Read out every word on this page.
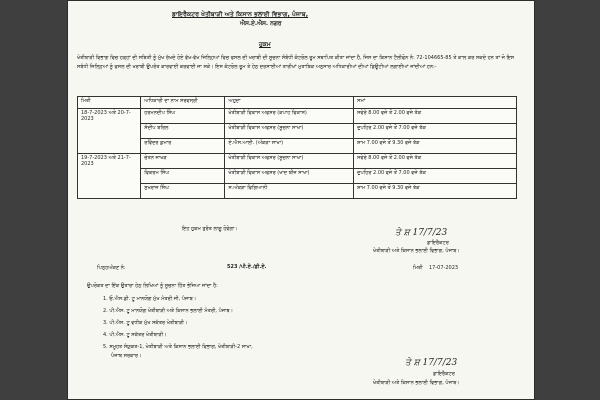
ਡਾਇਰੈਕਟਰ ਖੇਤੀਬਾੜੀ ਅਤੇ ਕਿਸਾਨ ਭਲਾਈ ਵਿਭਾਗ, ਪੰਜਾਬ,
ਐਸ.ਏ.ਐਸ. ਨਗਰ
ਹੁਕਮ
ਖੇਤੀਬਾੜੀ ਵਿਭਾਗ ਵਿਚ ਹੜ੍ਹਾਂ ਦੀ ਸਥਿਤੀ ਨੂੰ ਮੁੱਖ ਰੱਖਦੇ ਹੋਏ ਵੱਖ-ਵੱਖ ਜਿਲ੍ਹਿਆਂ ਵਿਚ ਫਸਲ ਦੀ ਖਰਾਬੀ ਦੀ ਸੂਚਨਾ ਸੰਬੰਧੀ ਕੰਟਰੋਲ ਰੂਮ ਸਥਾਪਿਤ ਕੀਤਾ ਜਾਂਦਾ ਹੈ, ਜਿਸ ਦਾ ਕਿਸਾਨ ਟੈਲੀਫੋਨ ਨੰ: 72-104665-85 ਤੇ ਕਾਲ ਕਰ ਸਕਦੇ ਹਨ ਤਾਂ ਜੋ ਇਸ ਸਬੰਧੀ ਜਿਲ੍ਹਿਆਂ ਨੂੰ ਫਸਲ ਦੀ ਖਰਾਬੀ ਉਪਰੰਤ ਕਾਰਵਾਈ ਕਰਵਾਈ ਜਾ ਸਕੇ। ਇਸ ਕੰਟਰੋਲ ਰੂਮ ਤੇ ਹੇਠ ਦਰਸਾਈਆਂ ਤਾਰੀਖਾਂ ਮੁਤਾਬਿਕ ਅਨੁਸਾਰ ਅਧਿਕਾਰੀਆਂ ਦੀਆਂ ਡਿਊਟੀਆਂ ਲਗਾਈਆਂ ਜਾਂਦੀਆਂ ਹਨ:-
ਮਿਤੀ	ਅਧਿਕਾਰੀ ਦਾ ਨਾਮ ਸਰਵਸ੍ਰੀ	ਅਹੁਦਾ	ਸਮਾਂ
18-7-2023 ਅਤੇ 20-7-2023	ਹਰਮਨਦੀਪ ਸਿੰਘ	ਖੇਤੀਬਾੜੀ ਵਿਕਾਸ ਅਫਸਰ (ਕਪਾਹ ਵਿਕਾਸ)	ਸਵੇਰੇ 8.00 ਵਜੇ ਤੋਂ 2.00 ਵਜੇ ਤੱਕ
	ਸੰਦੀਪ ਬਰਿਲ	ਖੇਤੀਬਾੜੀ ਵਿਕਾਸ ਅਫਸਰ (ਸੂਚਨਾ ਸਾਖਾ)	ਦੁਪਹਿਰ 2.00 ਵਜੇ ਤੋਂ 7.00 ਵਜੇ ਤੱਕ
	ਰਵਿੰਦਰ ਕੁਮਾਰ	ਏ.ਐਸ.ਆਈ. (ਅੰਕੜਾ ਸਾਖਾ)	ਸ਼ਾਮ 7.00 ਵਜੇ ਤੋਂ 9.30 ਵਜੇ ਤੱਕ
19-7-2023 ਅਤੇ 21-7-2023	ਚੇਤਨ ਜਾਖੜ	ਖੇਤੀਬਾੜੀ ਵਿਕਾਸ ਅਫਸਰ (ਸੂਚਨਾ ਸਾਖਾ)	ਸਵੇਰੇ 8.00 ਵਜੇ ਤੋਂ 2.00 ਵਜੇ ਤੱਕ
	ਵਿਕਰਮ ਸਿੰਘ	ਖੇਤੀਬਾੜੀ ਵਿਕਾਸ ਅਫਸਰ (ਖਾਦ ਬੀਜ ਸਾਖਾ)	ਦੁਪਹਿਰ 2.00 ਵਜੇ ਤੋਂ 7.00 ਵਜੇ ਤੱਕ
	ਸੁਖਰਾਜ ਸਿੰਘ	ਸ.ਅੰਕੜਾ ਵਿਗਿਆਨੀ	ਸ਼ਾਮ 7.00 ਵਜੇ ਤੋਂ 9.30 ਵਜੇ ਤੱਕ
ਇਹ ਹੁਕਮ ਤੁਰੰਤ ਲਾਗੂ ਹੋਵੇਗਾ।	ਤੇ ਸ਼ 17/7/23
ਡਾਇਰੈਕਟਰ
ਖੇਤੀਬਾੜੀ ਅਤੇ ਕਿਸਾਨ ਭਲਾਈ ਵਿਭਾਗ, ਪੰਜਾਬ।
ਪਿਠ੍ਹਅੰਕਣ ਨੰ:	523 /ਪੀ.ਏ./ਡੀ.ਏ.	ਮਿਤੀ 17-07-2023
ਉਪਰੋਕਤ ਦਾ ਇੱਕ ਉਤਾਰਾ ਹੇਠ ਲਿਖਿਆਂ ਨੂੰ ਸੂਚਨਾ ਹਿੱਤ ਭੇਜਿਆ ਜਾਂਦਾ ਹੈ:
1. ਓ.ਐਸ.ਡੀ. ਟੂ ਮਾਨਯੋਗ ਮੁੱਖ ਮੰਤਰੀ ਜੀ, ਪੰਜਾਬ।
2. ਪੀ.ਐਸ. ਟੂ ਮਾਨਯੋਗ ਖੇਤੀਬਾੜੀ ਅਤੇ ਕਿਸਾਨ ਭਲਾਈ ਮੰਤਰੀ, ਪੰਜਾਬ।
3. ਪੀ.ਐਸ. ਟੂ ਵਧੀਕ ਮੁੱਖ ਸਕੱਤਰ ਖੇਤੀਬਾੜੀ।
4. ਪੀ.ਐਸ. ਟੂ ਸਕੱਤਰ ਖੇਤੀਬਾੜੀ।
5. ਸਮੂਹਤ ਸੰਯੁਕਤ-1, ਖੇਤੀਬਾੜੀ ਅਤੇ ਕਿਸਾਨ ਭਲਾਈ ਵਿਭਾਗ, ਖੇਤੀਬਾੜੀ-2 ਸਾਖਾ,
ਪੰਜਾਬ ਸਰਕਾਰ।
ਤੇ ਸ਼ 17/7/23
ਡਾਇਰੈਕਟਰ
ਖੇਤੀਬਾੜੀ ਅਤੇ ਕਿਸਾਨ ਭਲਾਈ ਵਿਭਾਗ, ਪੰਜਾਬ।
